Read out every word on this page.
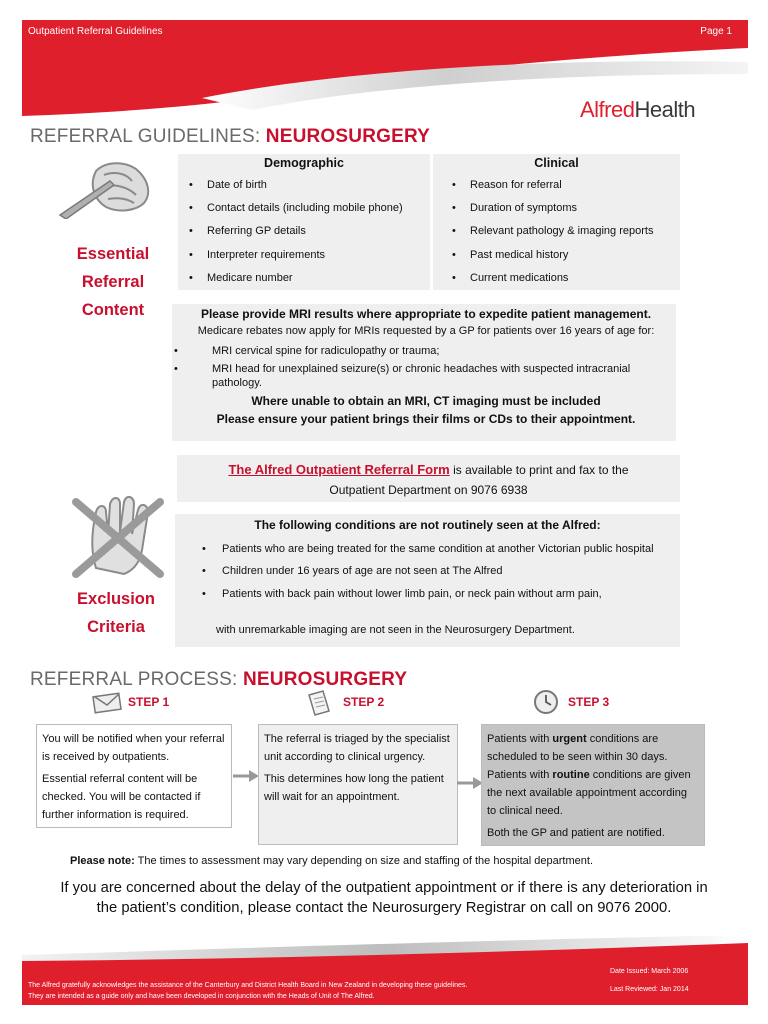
Outpatient Referral Guidelines	Page 1
AlfredHealth
REFERRAL GUIDELINES: NEUROSURGERY
Essential
Referral
Content
Demographic	Clinical
• Date of birth
• Contact details (including mobile phone)
• Referring GP details
• Interpreter requirements
• Medicare number
• Reason for referral
• Duration of symptoms
• Relevant pathology & imaging reports
• Past medical history
• Current medications
Please provide MRI results where appropriate to expedite patient management.
Medicare rebates now apply for MRIs requested by a GP for patients over 16 years of age for:
•	MRI cervical spine for radiculopathy or trauma;
•	MRI head for unexplained seizure(s) or chronic headaches with suspected intracranial pathology.
Where unable to obtain an MRI, CT imaging must be included
Please ensure your patient brings their films or CDs to their appointment.
The Alfred Outpatient Referral Form is available to print and fax to the
Outpatient Department on 9076 6938
Exclusion
Criteria
The following conditions are not routinely seen at the Alfred:
• Patients who are being treated for the same condition at another Victorian public hospital
• Children under 16 years of age are not seen at The Alfred
• Patients with back pain without lower limb pain, or neck pain without arm pain,
with unremarkable imaging are not seen in the Neurosurgery Department.
REFERRAL PROCESS: NEUROSURGERY
STEP 1	STEP 2	STEP 3

You will be notified when your referral is received by outpatients.

Essential referral content will be checked. You will be contacted if further information is required.

The referral is triaged by the specialist unit according to clinical urgency.

This determines how long the patient will wait for an appointment.

Patients with urgent conditions are scheduled to be seen within 30 days.

Patients with routine conditions are given the next available appointment according to clinical need.

Both the GP and patient are notified.

Please note: The times to assessment may vary depending on size and staffing of the hospital department.
If you are concerned about the delay of the outpatient appointment or if there is any deterioration in the patient’s condition, please contact the Neurosurgery Registrar on call on 9076 2000.
The Alfred gratefully acknowledges the assistance of the Canterbury and District Health Board in New Zealand in developing these guidelines.
They are intended as a guide only and have been developed in conjunction with the Heads of Unit of The Alfred.
Date Issued: March 2006
Last Reviewed: Jan 2014
